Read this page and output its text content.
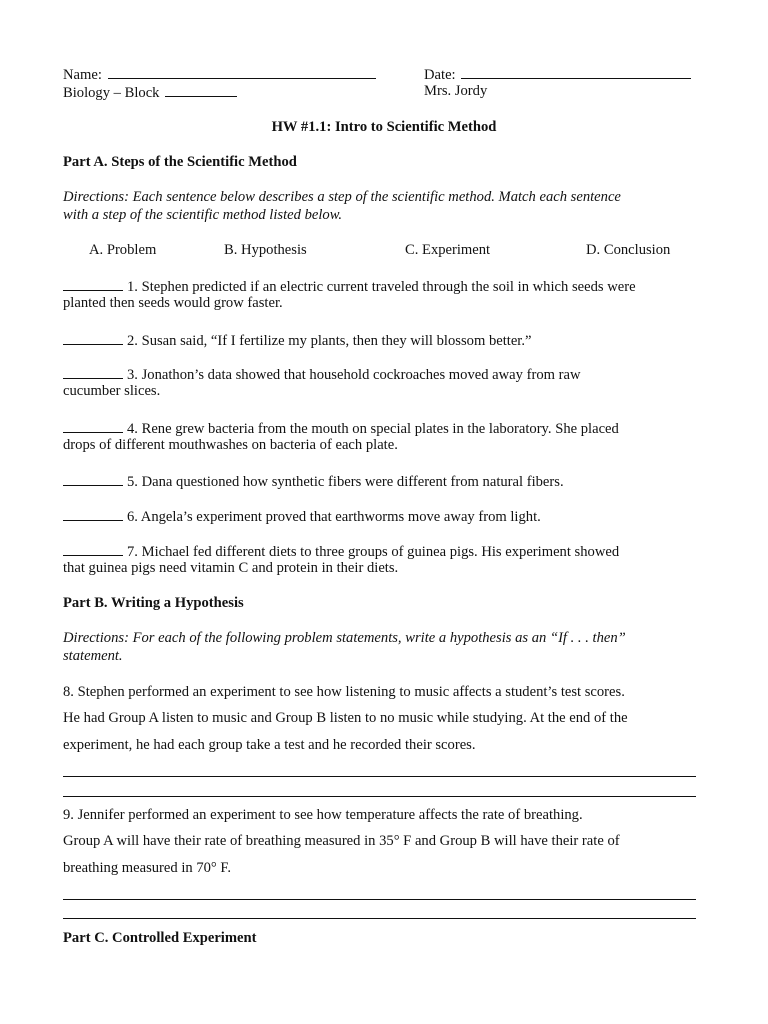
Name:	Date:
Biology – Block	Mrs. Jordy
HW #1.1: Intro to Scientific Method
Part A. Steps of the Scientific Method
Directions: Each sentence below describes a step of the scientific method. Match each sentence
with a step of the scientific method listed below.
A. Problem	B. Hypothesis	C. Experiment	D. Conclusion
1. Stephen predicted if an electric current traveled through the soil in which seeds were
planted then seeds would grow faster.
2. Susan said, “If I fertilize my plants, then they will blossom better.”
3. Jonathon’s data showed that household cockroaches moved away from raw
cucumber slices.
4. Rene grew bacteria from the mouth on special plates in the laboratory. She placed
drops of different mouthwashes on bacteria of each plate.
5. Dana questioned how synthetic fibers were different from natural fibers.
6. Angela’s experiment proved that earthworms move away from light.
7. Michael fed different diets to three groups of guinea pigs. His experiment showed
that guinea pigs need vitamin C and protein in their diets.
Part B. Writing a Hypothesis
Directions: For each of the following problem statements, write a hypothesis as an “If . . . then”
statement.
8. Stephen performed an experiment to see how listening to music affects a student’s test scores.
He had Group A listen to music and Group B listen to no music while studying. At the end of the
experiment, he had each group take a test and he recorded their scores.
9. Jennifer performed an experiment to see how temperature affects the rate of breathing.
Group A will have their rate of breathing measured in 35° F and Group B will have their rate of
breathing measured in 70° F.
Part C. Controlled Experiment
